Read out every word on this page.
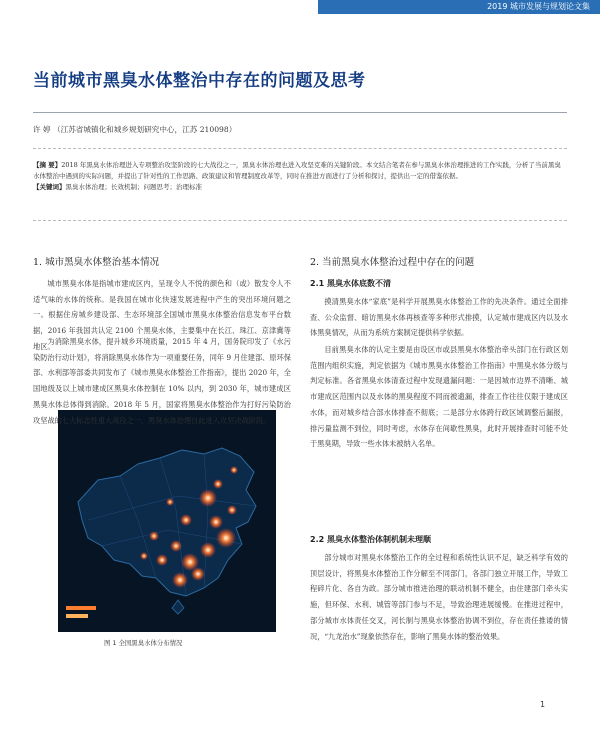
2019 城市发展与规划论文集
当前城市黑臭水体整治中存在的问题及思考
许 婷 （江苏省城镇化和城乡规划研究中心，江苏 210098）
【摘 要】2018 年黑臭水体治理进入专项整治攻坚阶段的七大战役之一，黑臭水体治理也进入攻坚克难的关键阶段。本文结合笔者在参与黑臭水体治理推进的工作实践，分析了当前黑臭水体整治中遇到的实际问题，并提出了针对性的工作思路、政策建议和管理制度改革等，同时在推进方面进行了分析和探讨，提供出一定的借鉴依据。
【关键词】黑臭水体治理；长效机制；问题思考；治理标准
1. 城市黑臭水体整治基本情况
城市黑臭水体是指城市建成区内，呈现令人不悦的颜色和（或）散发令人不适气味的水体的统称。是我国在城市化快速发展进程中产生的突出环境问题之一。根据住房城乡建设部、生态环境部全国城市黑臭水体整治信息发布平台数据，2016 年我国共认定 2100 个黑臭水体，主要集中在长江、珠江、京津冀等地区。
图 1 全国黑臭水体分布情况
2. 当前黑臭水体整治过程中存在的问题
2.1 黑臭水体底数不清
摸清黑臭水体“家底”是科学开展黑臭水体整治工作的先决条件。通过全面排查、公众监督、暗访黑臭水体再核查等多种形式排摸，认定城市建成区内以及水体黑臭情况，从而为系统方案制定提供科学依据。
目前黑臭水体的认定主要是由设区市或县黑臭水体整治牵头部门在行政区划范围内组织实施，判定依据为《城市黑臭水体整治工作指南》中黑臭水体分级与判定标准。各省黑臭水体清查过程中发现遗漏问题：一是因城市边界不清晰、城市建成区范围内以及水体的黑臭程度不同而被遗漏，排查工作往往仅限于建成区水体，而对城乡结合部水体排查不彻底；二是部分水体跨行政区域调整后漏报，排污量监测不到位，同时考虑，水体存在间歇性黑臭，此时开展排查时可能不处于黑臭期，导致一些水体未被纳入名单。
2.2 黑臭水体整治体制机制未理顺
部分城市对黑臭水体整治工作的全过程和系统性认识不足，缺乏科学有效的顶层设计，将黑臭水体整治工作分解至不同部门，各部门独立开展工作，导致工程碎片化、各自为政。部分城市推进治理的联动机制不健全，由住建部门牵头实施，但环保、水利、城管等部门参与不足，导致治理进展缓慢。在推进过程中，部分城市水体责任交叉，河长制与黑臭水体整治协调不到位，存在责任推诿的情况，“九龙治水”现象依然存在，影响了黑臭水体的整治效果。
1
为消除黑臭水体，提升城乡环境质量，2015 年 4 月，国务院印发了《水污染防治行动计划》，将消除黑臭水体作为一项重要任务，同年 9 月住建部、原环保部、水利部等部委共同发布了《城市黑臭水体整治工作指南》，提出 2020 年，全国地级及以上城市建成区黑臭水体控制在 10% 以内，到 2030 年，城市建成区黑臭水体总体得到消除。2018 年 5 月，国家将黑臭水体整治作为打好污染防治攻坚战的七大标志性重大战役之一，黑臭水体治理自此进入攻坚决战阶段。
